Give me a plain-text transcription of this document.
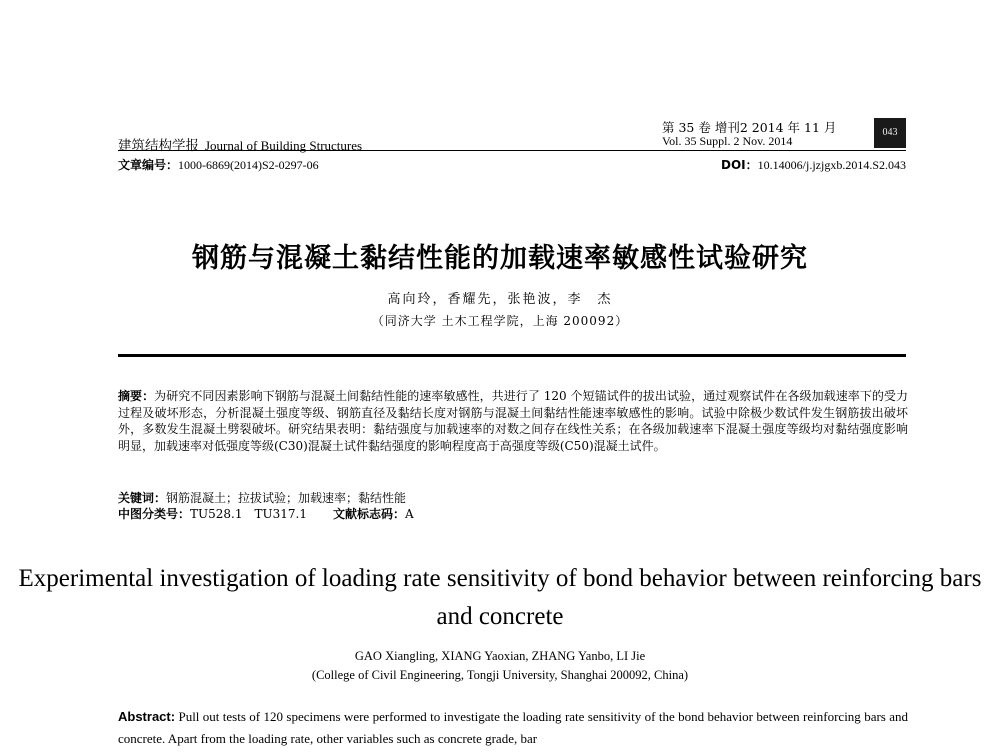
建筑结构学报 Journal of Building Structures
第 35 卷 增刊2 2014 年 11 月
Vol. 35 Suppl. 2 Nov. 2014
043
文章编号：1000-6869(2014)S2-0297-06	DOI：10.14006/j.jzjgxb.2014.S2.043
钢筋与混凝土黏结性能的加载速率敏感性试验研究
高向玲，香耀先，张艳波，李　杰
（同济大学 土木工程学院，上海 200092）
摘要：为研究不同因素影响下钢筋与混凝土间黏结性能的速率敏感性，共进行了 120 个短锚试件的拔出试验，通过观察试件在各级加载速率下的受力过程及破坏形态，分析混凝土强度等级、钢筋直径及黏结长度对钢筋与混凝土间黏结性能速率敏感性的影响。试验中除极少数试件发生钢筋拔出破坏外，多数发生混凝土劈裂破坏。研究结果表明：黏结强度与加载速率的对数之间存在线性关系；在各级加载速率下混凝土强度等级均对黏结强度影响明显，加载速率对低强度等级(C30)混凝土试件黏结强度的影响程度高于高强度等级(C50)混凝土试件。
关键词：钢筋混凝土；拉拔试验；加载速率；黏结性能
中图分类号：TU528.1　TU317.1 文献标志码：A
Experimental investigation of loading rate sensitivity of bond behavior between reinforcing bars and concrete
GAO Xiangling, XIANG Yaoxian, ZHANG Yanbo, LI Jie
(College of Civil Engineering, Tongji University, Shanghai 200092, China)
Abstract: Pull out tests of 120 specimens were performed to investigate the loading rate sensitivity of the bond behavior between reinforcing bars and concrete. Apart from the loading rate, other variables such as concrete grade, bar
